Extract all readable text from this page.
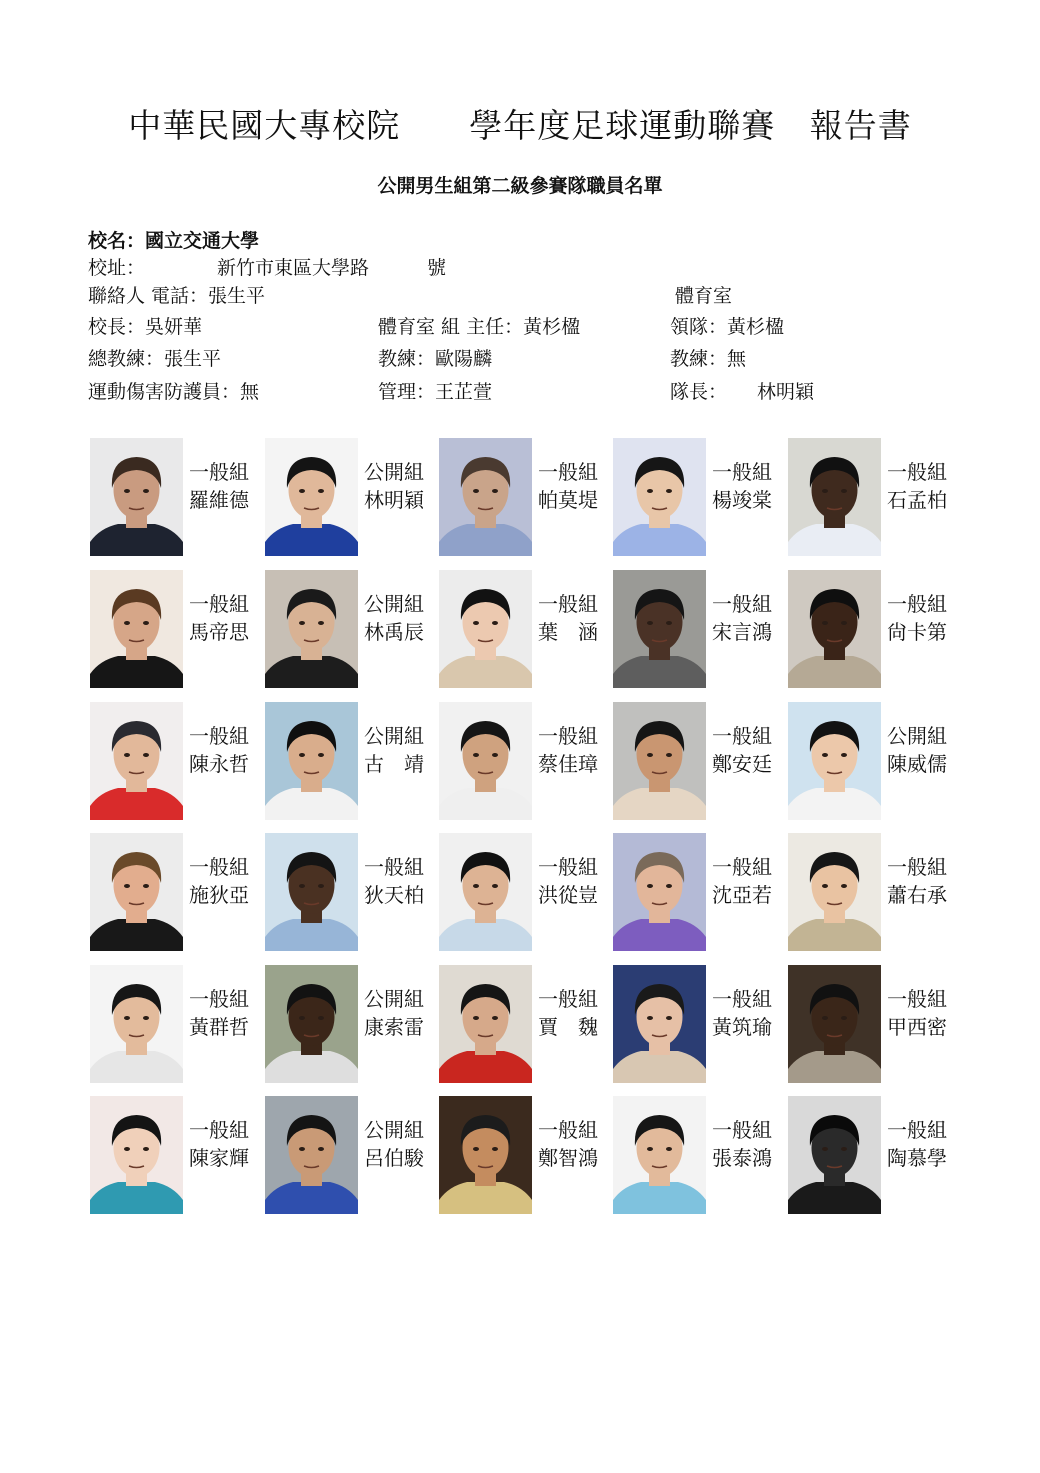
中華民國大專校院 學年度足球運動聯賽 報告書
公開男生組第二級參賽隊職員名單
校名：國立交通大學
校址：	新竹市東區大學路	號
聯絡人 電話：張生平	體育室
校長：吳妍華	體育室 組 主任：黃杉楹	領隊：黃杉楹
總教練：張生平	教練：歐陽麟	教練：無
運動傷害防護員：無	管理：王芷萱	隊長： 林明穎
一般組
羅維德
公開組
林明穎
一般組
帕莫堤
一般組
楊竣棠
一般組
石孟柏
一般組
馬帝思
公開組
林禹辰
一般組
葉　涵
一般組
宋言鴻
一般組
尙卡第
一般組
陳永哲
公開組
古　靖
一般組
蔡佳璋
一般組
鄭安廷
公開組
陳威儒
一般組
施狄亞
一般組
狄天柏
一般組
洪從豈
一般組
沈亞若
一般組
蕭右承
一般組
黃群哲
公開組
康索雷
一般組
賈　魏
一般組
黃筑瑜
一般組
甲西密
一般組
陳家輝
公開組
呂伯駿
一般組
鄭智鴻
一般組
張泰鴻
一般組
陶慕學
